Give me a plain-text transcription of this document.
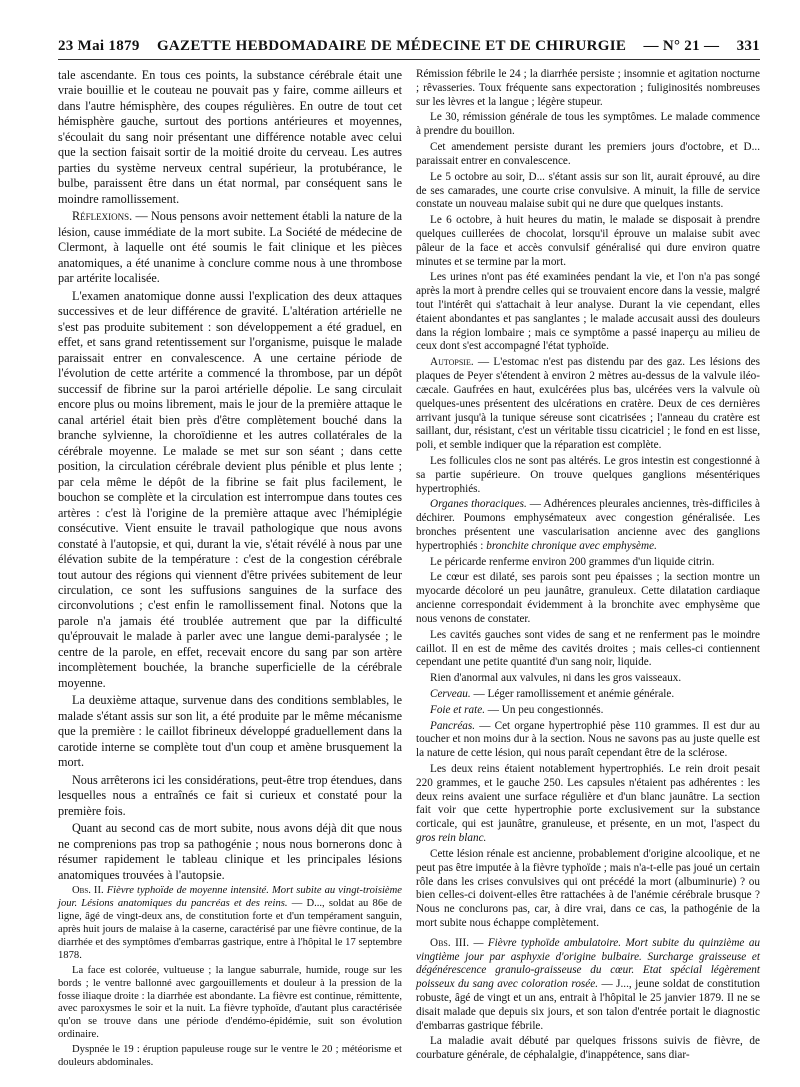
23 Mai 1879 GAZETTE HEBDOMADAIRE DE MÉDECINE ET DE CHIRURGIE — N° 21 — 331

tale ascendante. En tous ces points, la substance cérébrale était une vraie bouillie et le couteau ne pouvait pas y faire, comme ailleurs et dans l'autre hémisphère, des coupes régulières. En outre de tout cet hémisphère gauche, surtout des portions antérieures et moyennes, s'écoulait du sang noir présentant une différence notable avec celui que la section faisait sortir de la moitié droite du cerveau. Les autres parties du système nerveux central supérieur, la protubérance, le bulbe, paraissent être dans un état normal, par conséquent sans le moindre ramollissement.

Réflexions. — Nous pensons avoir nettement établi la nature de la lésion, cause immédiate de la mort subite. La Société de médecine de Clermont, à laquelle ont été soumis le fait clinique et les pièces anatomiques, a été unanime à conclure comme nous à une thrombose par artérite localisée.

L'examen anatomique donne aussi l'explication des deux attaques successives et de leur différence de gravité. L'altération artérielle ne s'est pas produite subitement : son développement a été graduel, en effet, et sans grand retentissement sur l'organisme, puisque le malade paraissait entrer en convalescence. A une certaine période de l'évolution de cette artérite a commencé la thrombose, par un dépôt successif de fibrine sur la paroi artérielle dépolie. Le sang circulait encore plus ou moins librement, mais le jour de la première attaque le canal artériel était bien près d'être complètement bouché dans la branche sylvienne, la choroïdienne et les autres collatérales de la cérébrale moyenne. Le malade se met sur son séant ; dans cette position, la circulation cérébrale devient plus pénible et plus lente ; par cela même le dépôt de la fibrine se fait plus facilement, le bouchon se complète et la circulation est interrompue dans toutes ces artères : c'est là l'origine de la première attaque avec l'hémiplégie consécutive. Vient ensuite le travail pathologique que nous avons constaté à l'autopsie, et qui, durant la vie, s'était révélé à nous par une élévation subite de la température : c'est de la congestion cérébrale tout autour des régions qui viennent d'être privées subitement de leur circulation, ce sont les suffusions sanguines de la surface des circonvolutions ; c'est enfin le ramollissement final. Notons que la parole n'a jamais été troublée autrement que par la difficulté qu'éprouvait le malade à parler avec une langue demi-paralysée ; le centre de la parole, en effet, recevait encore du sang par son artère incomplètement bouchée, la branche superficielle de la cérébrale moyenne.

La deuxième attaque, survenue dans des conditions semblables, le malade s'étant assis sur son lit, a été produite par le même mécanisme que la première : le caillot fibrineux développé graduellement dans la carotide interne se complète tout d'un coup et amène brusquement la mort.

Nous arrêterons ici les considérations, peut-être trop étendues, dans lesquelles nous a entraînés ce fait si curieux et constaté pour la première fois.

Quant au second cas de mort subite, nous avons déjà dit que nous ne comprenions pas trop sa pathogénie ; nous nous bornerons donc à résumer rapidement le tableau clinique et les principales lésions anatomiques trouvées à l'autopsie.

Obs. II. Fièvre typhoïde de moyenne intensité. Mort subite au vingt-troisième jour. Lésions anatomiques du pancréas et des reins. — D..., soldat au 86e de ligne, âgé de vingt-deux ans, de constitution forte et d'un tempérament sanguin, après huit jours de malaise à la caserne, caractérisé par une fièvre continue, de la diarrhée et des symptômes d'embarras gastrique, entre à l'hôpital le 17 septembre 1878.

La face est colorée, vultueuse ; la langue saburrale, humide, rouge sur les bords ; le ventre ballonné avec gargouillements et douleur à la pression de la fosse iliaque droite : la diarrhée est abondante. La fièvre est continue, rémittente, avec paroxysmes le soir et la nuit. La fièvre typhoïde, d'autant plus caractérisée qu'on se trouve dans une période d'endémo-épidémie, suit son évolution ordinaire.

Dyspnée le 19 : éruption papuleuse rouge sur le ventre le 20 ; météorisme et douleurs abdominales.

Rémission fébrile le 24 ; la diarrhée persiste ; insomnie et agitation nocturne ; rêvasseries. Toux fréquente sans expectoration ; fuliginosités nombreuses sur les lèvres et la langue ; légère stupeur.

Le 30, rémission générale de tous les symptômes. Le malade commence à prendre du bouillon.

Cet amendement persiste durant les premiers jours d'octobre, et D... paraissait entrer en convalescence.

Le 5 octobre au soir, D... s'étant assis sur son lit, aurait éprouvé, au dire de ses camarades, une courte crise convulsive. A minuit, la fille de service constate un nouveau malaise subit qui ne dure que quelques instants.

Le 6 octobre, à huit heures du matin, le malade se disposait à prendre quelques cuillerées de chocolat, lorsqu'il éprouve un malaise subit avec pâleur de la face et accès convulsif généralisé qui dure environ quatre minutes et se termine par la mort.

Les urines n'ont pas été examinées pendant la vie, et l'on n'a pas songé après la mort à prendre celles qui se trouvaient encore dans la vessie, malgré tout l'intérêt qui s'attachait à leur analyse. Durant la vie cependant, elles étaient abondantes et pas sanglantes ; le malade accusait aussi des douleurs dans la région lombaire ; mais ce symptôme a passé inaperçu au milieu de ceux dont s'est accompagné l'état typhoïde.

Autopsie. — L'estomac n'est pas distendu par des gaz. Les lésions des plaques de Peyer s'étendent à environ 2 mètres au-dessus de la valvule iléo-cæcale. Gaufrées en haut, exulcérées plus bas, ulcérées vers la valvule où quelques-unes présentent des ulcérations en cratère. Deux de ces dernières arrivant jusqu'à la tunique séreuse sont cicatrisées ; l'anneau du cratère est saillant, dur, résistant, c'est un véritable tissu cicatriciel ; le fond en est lisse, poli, et semble indiquer que la réparation est complète.

Les follicules clos ne sont pas altérés. Le gros intestin est congestionné à sa partie supérieure. On trouve quelques ganglions mésentériques hypertrophiés.

Organes thoraciques. — Adhérences pleurales anciennes, très-difficiles à déchirer. Poumons emphysémateux avec congestion généralisée. Les bronches présentent une vascularisation ancienne avec des ganglions hypertrophiés : bronchite chronique avec emphysème.

Le péricarde renferme environ 200 grammes d'un liquide citrin.

Le cœur est dilaté, ses parois sont peu épaisses ; la section montre un myocarde décoloré un peu jaunâtre, granuleux. Cette dilatation cardiaque ancienne correspondait évidemment à la bronchite avec emphysème que nous venons de constater.

Les cavités gauches sont vides de sang et ne renferment pas le moindre caillot. Il en est de même des cavités droites ; mais celles-ci contiennent cependant une petite quantité d'un sang noir, liquide.

Rien d'anormal aux valvules, ni dans les gros vaisseaux.

Cerveau. — Léger ramollissement et anémie générale.

Foie et rate. — Un peu congestionnés.

Pancréas. — Cet organe hypertrophié pèse 110 grammes. Il est dur au toucher et non moins dur à la section. Nous ne savons pas au juste quelle est la nature de cette lésion, qui nous paraît cependant être de la sclérose.

Les deux reins étaient notablement hypertrophiés. Le rein droit pesait 220 grammes, et le gauche 250. Les capsules n'étaient pas adhérentes : les deux reins avaient une surface régulière et d'un blanc jaunâtre. La section fait voir que cette hypertrophie porte exclusivement sur la substance corticale, qui est jaunâtre, granuleuse, et présente, en un mot, l'aspect du gros rein blanc.

Cette lésion rénale est ancienne, probablement d'origine alcoolique, et ne peut pas être imputée à la fièvre typhoïde ; mais n'a-t-elle pas joué un certain rôle dans les crises convulsives qui ont précédé la mort (albuminurie) ? ou bien celles-ci doivent-elles être rattachées à de l'anémie cérébrale brusque ? Nous ne conclurons pas, car, à dire vrai, dans ce cas, la pathogénie de la mort subite nous échappe complètement.

Obs. III. — Fièvre typhoïde ambulatoire. Mort subite du quinzième au vingtième jour par asphyxie d'origine bulbaire. Surcharge graisseuse et dégénérescence granulo-graisseuse du cœur. Etat spécial légèrement poisseux du sang avec coloration rosée. — J..., jeune soldat de constitution robuste, âgé de vingt et un ans, entrait à l'hôpital le 25 janvier 1879. Il ne se disait malade que depuis six jours, et son talon d'entrée portait le diagnostic d'embarras gastrique fébrile.

La maladie avait débuté par quelques frissons suivis de fièvre, de courbature générale, de céphalalgie, d'inappétence, sans diar-
